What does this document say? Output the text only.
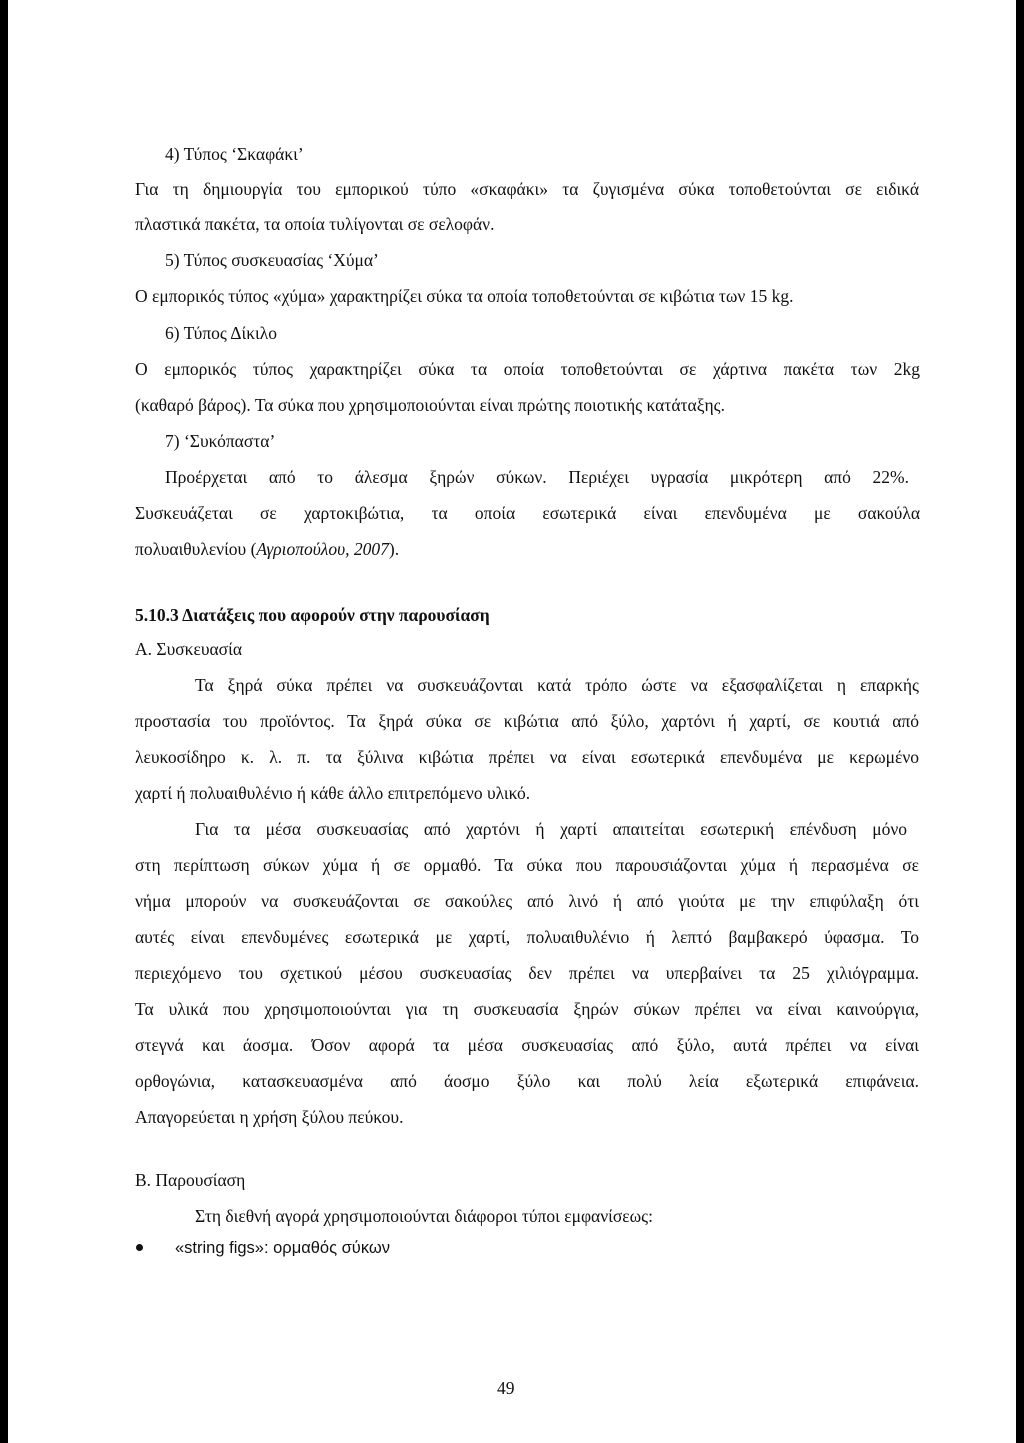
4) Τύπος ‘Σκαφάκι’
Για τη δημιουργία του εμπορικού τύπο «σκαφάκι» τα ζυγισμένα σύκα τοποθετούνται σε ειδικά
πλαστικά πακέτα, τα οποία τυλίγονται σε σελοφάν.
5) Τύπος συσκευασίας ‘Χύμα’
Ο εμπορικός τύπος «χύμα» χαρακτηρίζει σύκα τα οποία τοποθετούνται σε κιβώτια των 15 kg.
6) Τύπος Δίκιλο
Ο εμπορικός τύπος χαρακτηρίζει σύκα τα οποία τοποθετούνται σε χάρτινα πακέτα των 2kg
(καθαρό βάρος). Τα σύκα που χρησιμοποιούνται είναι πρώτης ποιοτικής κατάταξης.
7) ‘Συκόπαστα’
Προέρχεται από το άλεσμα ξηρών σύκων. Περιέχει υγρασία μικρότερη από 22%.
Συσκευάζεται σε χαρτοκιβώτια, τα οποία εσωτερικά είναι επενδυμένα με σακούλα
πολυαιθυλενίου (Αγριοπούλου, 2007).
5.10.3 Διατάξεις που αφορούν στην παρουσίαση
Α. Συσκευασία
Τα ξηρά σύκα πρέπει να συσκευάζονται κατά τρόπο ώστε να εξασφαλίζεται η επαρκής
προστασία του προϊόντος. Τα ξηρά σύκα σε κιβώτια από ξύλο, χαρτόνι ή χαρτί, σε κουτιά από
λευκοσίδηρο κ. λ. π. τα ξύλινα κιβώτια πρέπει να είναι εσωτερικά επενδυμένα με κερωμένο
χαρτί ή πολυαιθυλένιο ή κάθε άλλο επιτρεπόμενο υλικό.
Για τα μέσα συσκευασίας από χαρτόνι ή χαρτί απαιτείται εσωτερική επένδυση μόνο
στη περίπτωση σύκων χύμα ή σε ορμαθό. Τα σύκα που παρουσιάζονται χύμα ή περασμένα σε
νήμα μπορούν να συσκευάζονται σε σακούλες από λινό ή από γιούτα με την επιφύλαξη ότι
αυτές είναι επενδυμένες εσωτερικά με χαρτί, πολυαιθυλένιο ή λεπτό βαμβακερό ύφασμα. Το
περιεχόμενο του σχετικού μέσου συσκευασίας δεν πρέπει να υπερβαίνει τα 25 χιλιόγραμμα.
Τα υλικά που χρησιμοποιούνται για τη συσκευασία ξηρών σύκων πρέπει να είναι καινούργια,
στεγνά και άοσμα. Όσον αφορά τα μέσα συσκευασίας από ξύλο, αυτά πρέπει να είναι
ορθογώνια, κατασκευασμένα από άοσμο ξύλο και πολύ λεία εξωτερικά επιφάνεια.
Απαγορεύεται η χρήση ξύλου πεύκου.
Β. Παρουσίαση
Στη διεθνή αγορά χρησιμοποιούνται διάφοροι τύποι εμφανίσεως:
«string figs»: ορμαθός σύκων
49
